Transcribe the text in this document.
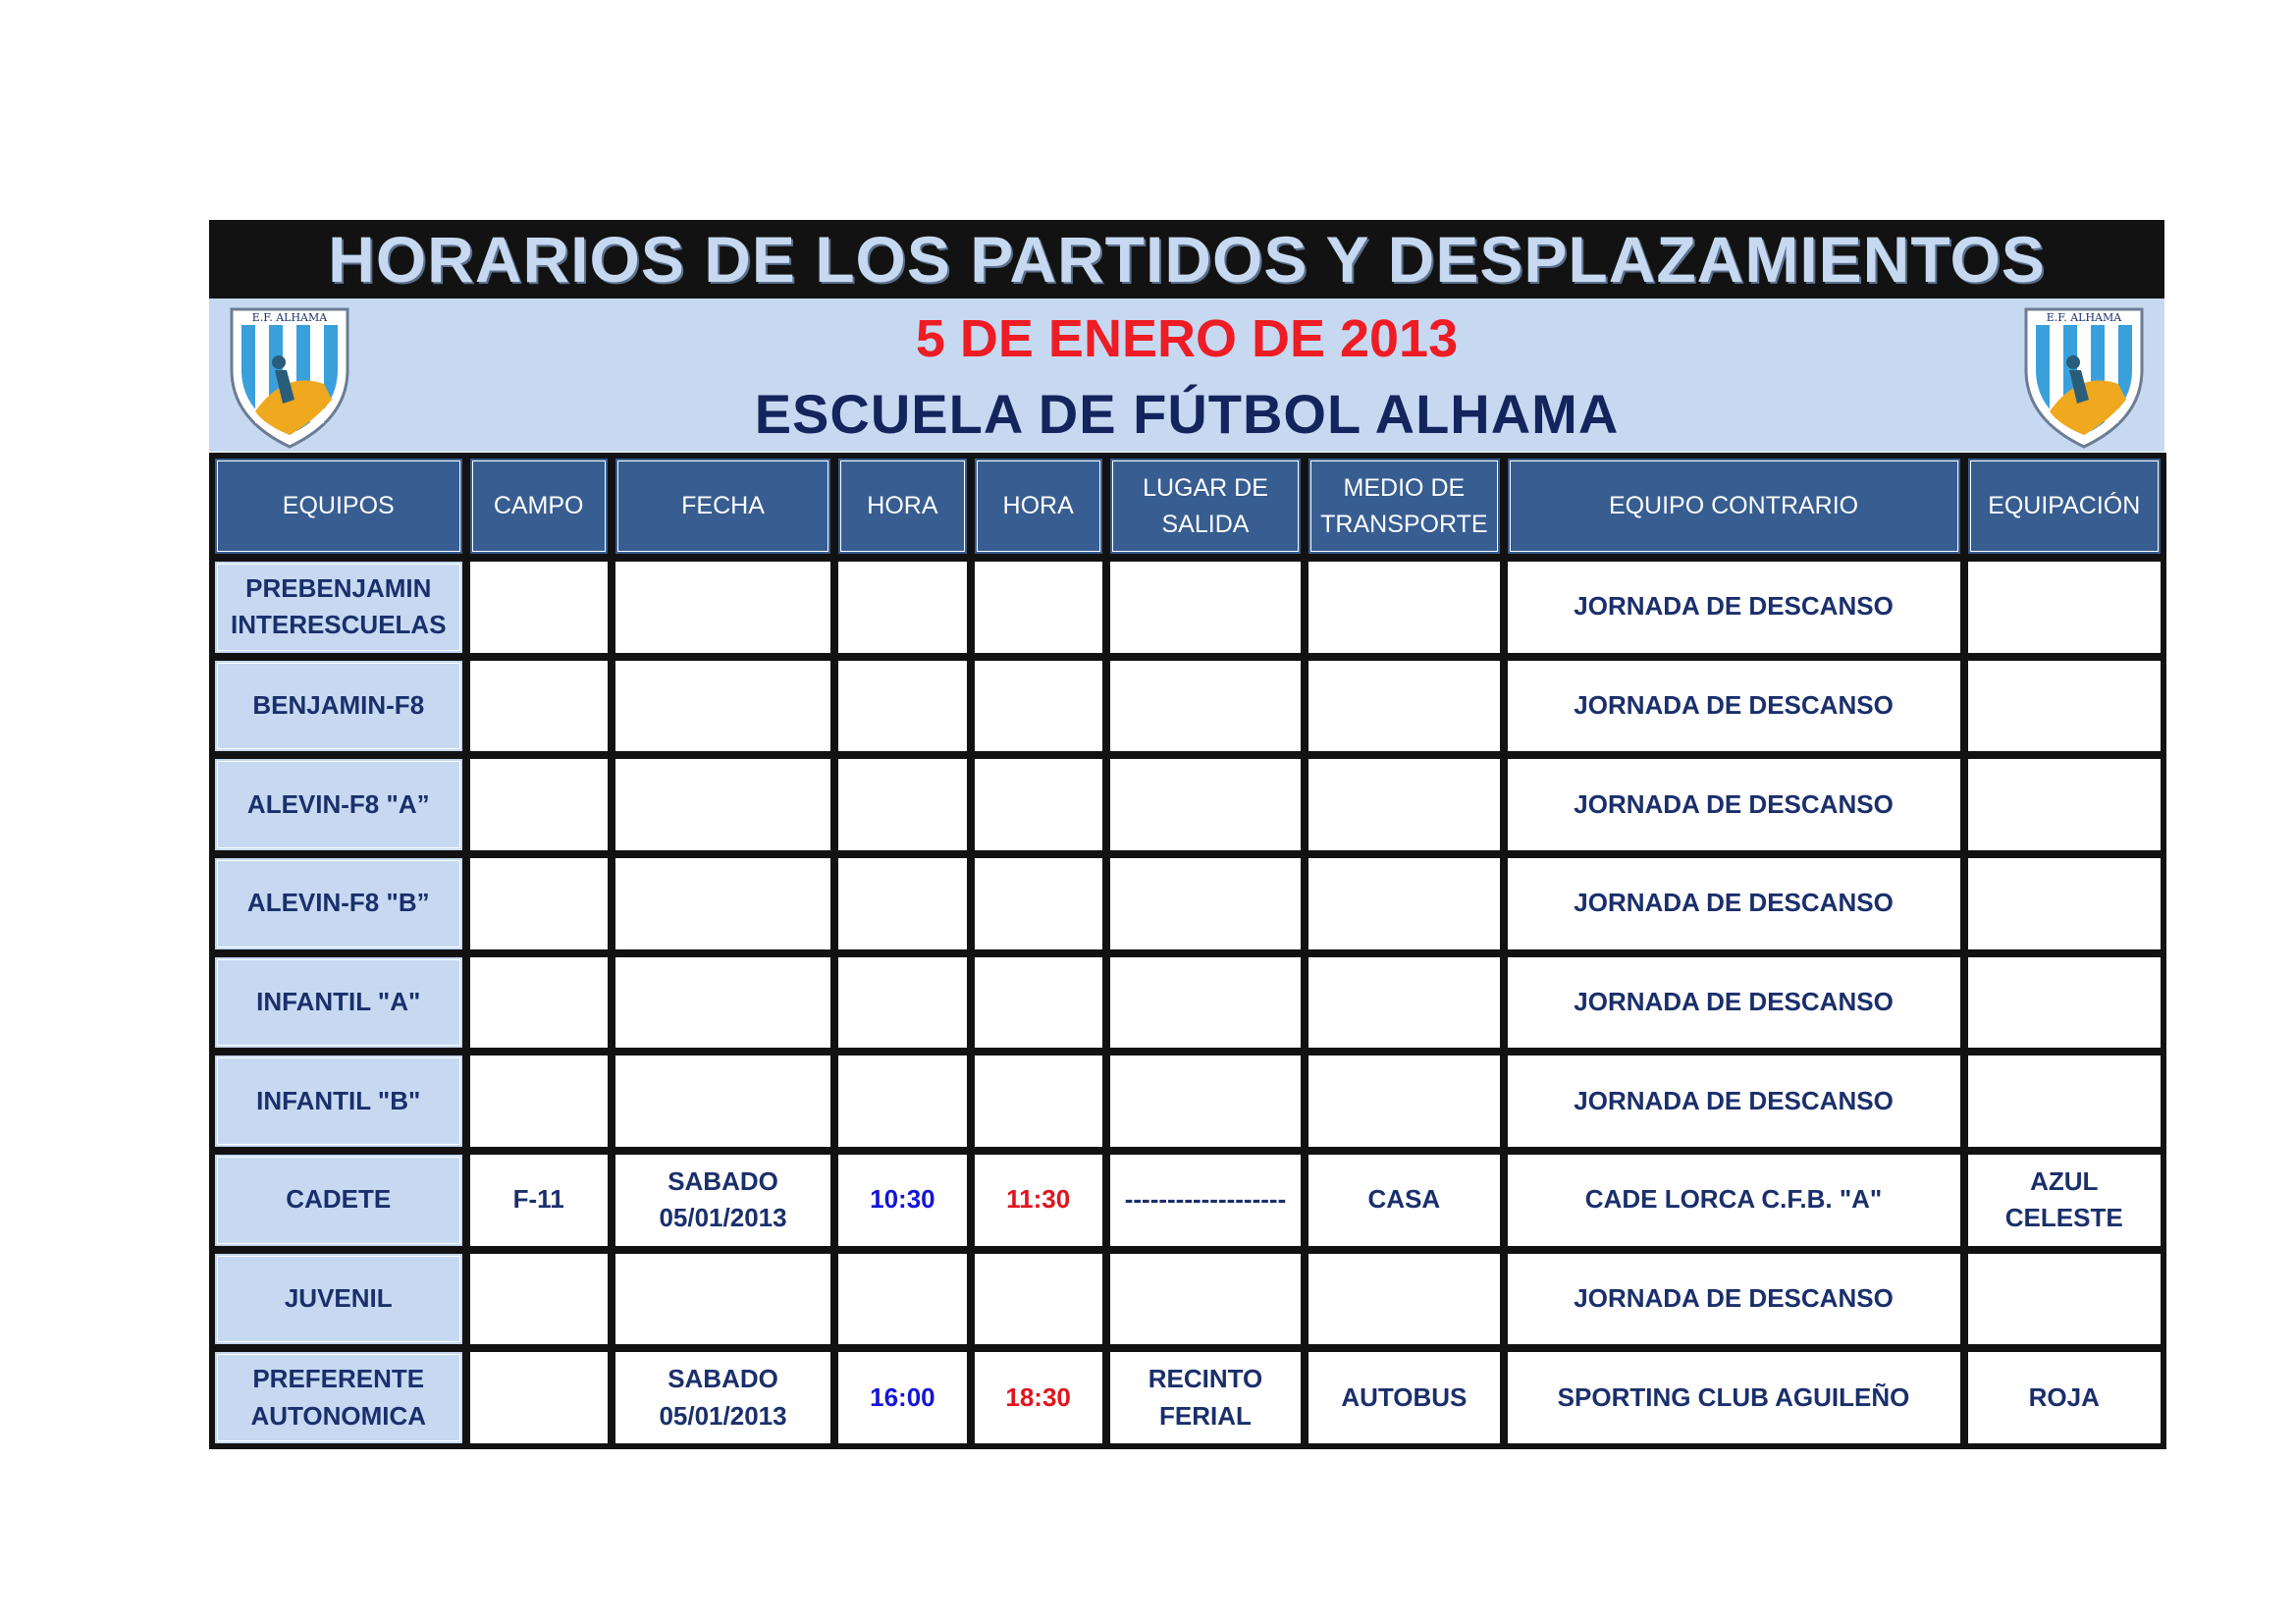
HORARIOS DE LOS PARTIDOS Y DESPLAZAMIENTOS
E.F. ALHAMA	5 DE ENERO DE 2013
ESCUELA DE FÚTBOL ALHAMA
E.F. ALHAMA
EQUIPOS	CAMPO	FECHA	HORA	HORA	LUGAR DE SALIDA	MEDIO DE TRANSPORTE	EQUIPO CONTRARIO	EQUIPACIÓN
PREBENJAMIN INTERESCUELAS							JORNADA DE DESCANSO	
BENJAMIN-F8							JORNADA DE DESCANSO	
ALEVIN-F8 "A”							JORNADA DE DESCANSO	
ALEVIN-F8 "B”							JORNADA DE DESCANSO	
INFANTIL "A"							JORNADA DE DESCANSO	
INFANTIL "B"							JORNADA DE DESCANSO	
CADETE	F-11	SABADO 05/01/2013	10:30	11:30	-------------------	CASA	CADE LORCA C.F.B. "A"	AZUL CELESTE
JUVENIL							JORNADA DE DESCANSO	
PREFERENTE AUTONOMICA		SABADO 05/01/2013	16:00	18:30	RECINTO FERIAL	AUTOBUS	SPORTING CLUB AGUILEÑO	ROJA
